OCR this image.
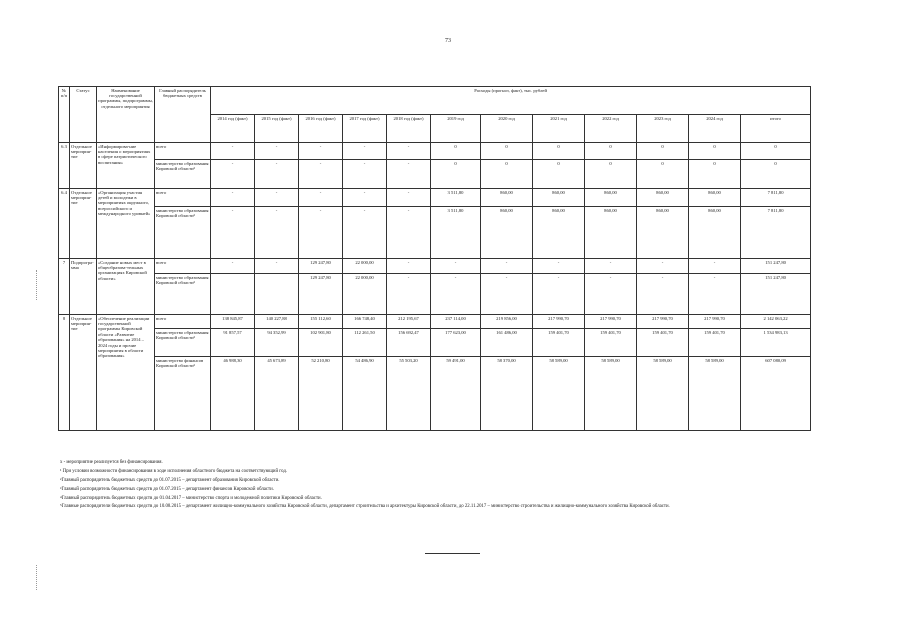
73
№ п/п	Статус	Наименование государственной программы, подпрограммы, отдельного мероприятия	Главный распорядитель бюджетных средств	Расходы (прогноз, факт), тыс. рублей											
				2014 год (факт)	2015 год (факт)	2016 год (факт)	2017 год (факт)	2018 год (факт)	2019 год	2020 год	2021 год	2022 год	2023 год	2024 год	итого
6.3	Отдельное мероприя-тие	«Информирова-ние населения о мероприятиях в сфере патриотического воспитания»	всего	-	-	-	-	-	0	0	0	0	0	0	0
			министерство образования Кировской области³	-	-	-	-	-	0	0	0	0	0	0	0
6.4	Отдельное мероприя-тие	«Организация участия детей и молодежи в мероприятиях окружного, всероссийского и международного уровней»	всего	-	-	-	-	-	3 511,80	860,00	860,00	860,00	860,00	860,00	7 811,80
			министерство образования Кировской области³	-	-	-	-	-	3 511,80	860,00	860,00	860,00	860,00	860,00	7 811,80
7	Подпрогра-мма	«Создание новых мест в общеобразова-тельных организациях Кировской области»	всего	-	-	129 247,80	22 000,00	-	-	-	-	-	-	-	151 247,80
			министерство образования Кировской области³			129 247,80	22 000,00	-	-	-	-	-	-	-	151 247,80
8	Отдельное мероприя-тие	«Обеспечение реализации государственной программы Кировской области «Развитие образования» на 2014 – 2024 годы и прочие мероприятия в области образования»	всего	138 845,87	140 227,88	155 112,60	166 748,40	212 195,67	237 114,00	219 856,00	217 990,70	217 990,70	217 990,70	217 990,70	2 142 063,22
			министерство образования Кировской области³	91 857,57	94 352,99	102 901,80	112 261,50	156 692,47	177 623,00	161 486,00	159 401,70	159 401,70	159 401,70	159 401,70	1 534 983,13
			министерство финансов Кировской области³	46 988,30	45 673,89	52 210,80	54 486,90	55 503,20	59 491,00	58 370,00	58 589,00	58 589,00	58 589,00	58 589,00	607 080,09

х - мероприятие реализуется без финансирования.

¹ При условии возможности финансирования в ходе исполнения областного бюджета на соответствующий год.

²Главный распорядитель бюджетных средств до 01.07.2015 – департамент образования Кировской области.

³Главный распорядитель бюджетных средств до 01.07.2015 – департамент финансов Кировской области.

⁴Главный распорядитель бюджетных средств до 01.04.2017 – министерство спорта и молодежной политики Кировской области.

⁵Главные распорядители бюджетных средств до 10.08.2015 – департамент жилищно-коммунального хозяйства Кировской области, департамент строительства и архитектуры Кировской области, до 22.11.2017 – министерство строительства и жилищно-коммунального хозяйства Кировской области.
